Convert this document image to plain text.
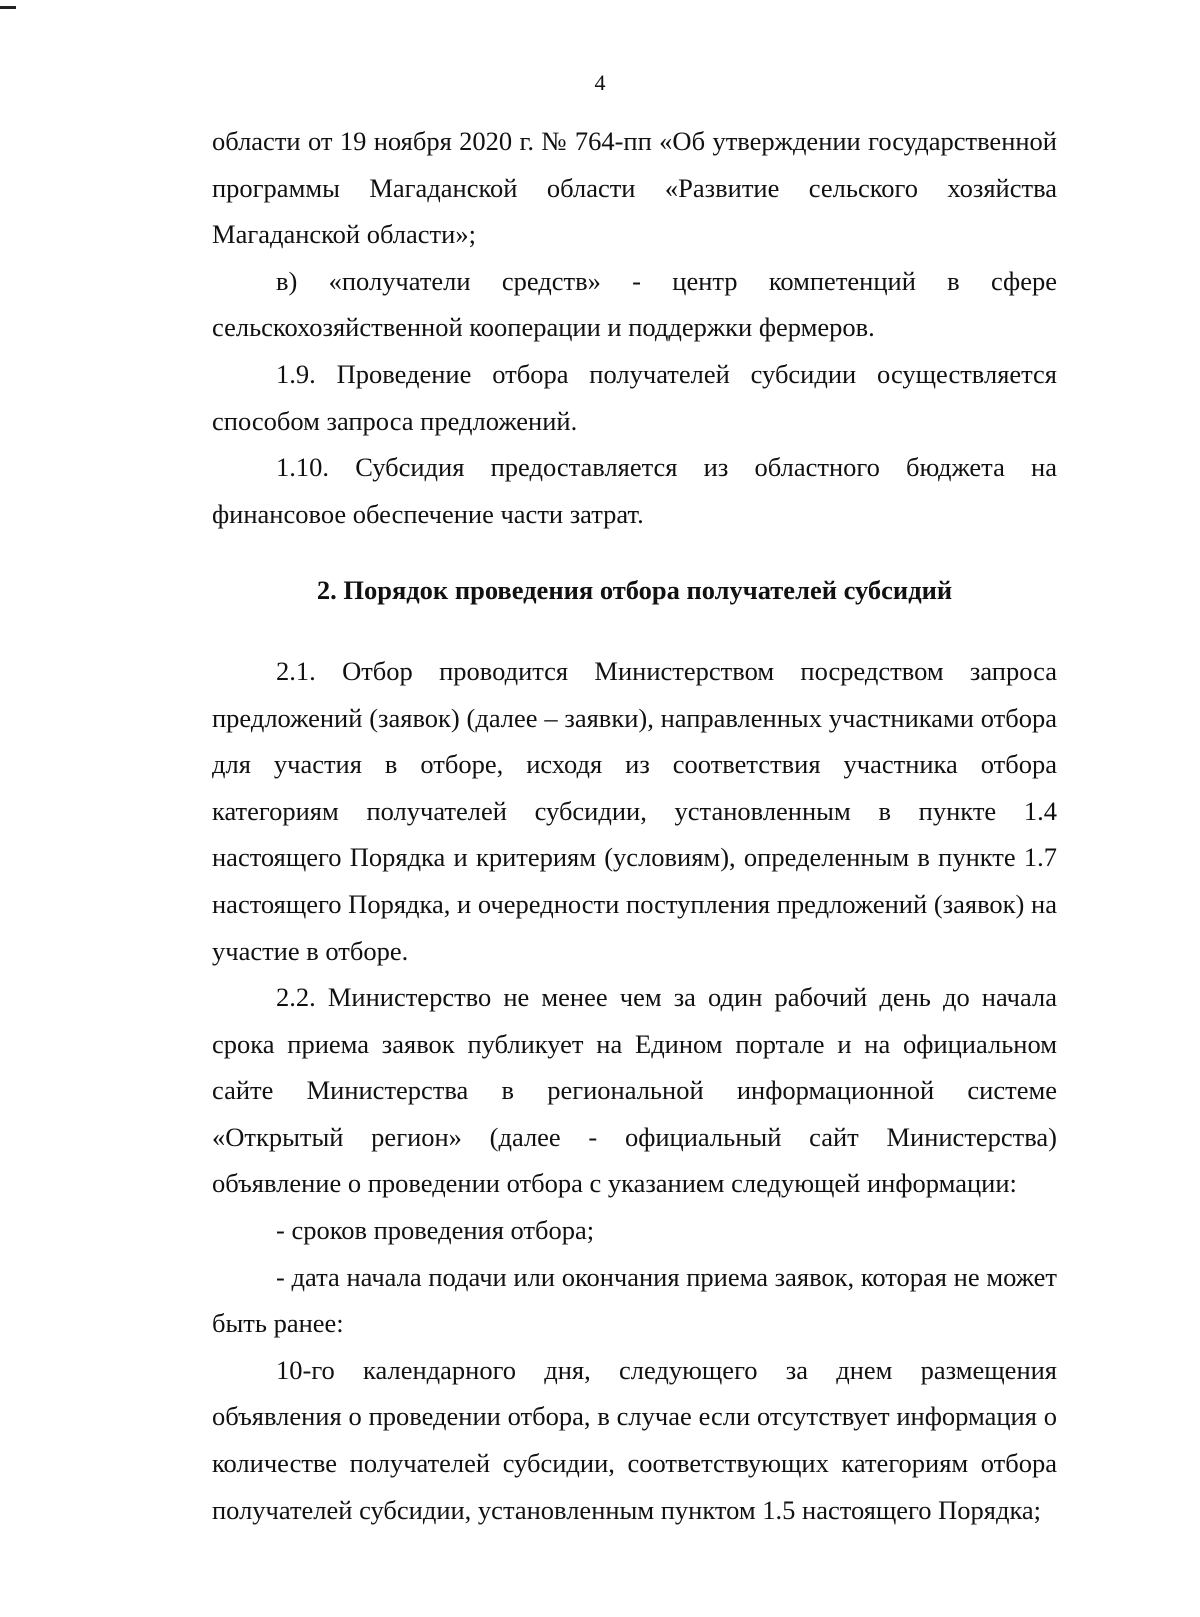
4

области от 19 ноября 2020 г. № 764-пп «Об утверждении государственной программы Магаданской области «Развитие сельского хозяйства Магаданской области»;

в) «получатели средств» - центр компетенций в сфере сельскохозяйственной кооперации и поддержки фермеров.

1.9. Проведение отбора получателей субсидии осуществляется способом запроса предложений.

1.10. Субсидия предоставляется из областного бюджета на финансовое обеспечение части затрат.

2. Порядок проведения отбора получателей субсидий

2.1. Отбор проводится Министерством посредством запроса предложений (заявок) (далее – заявки), направленных участниками отбора для участия в отборе, исходя из соответствия участника отбора категориям получателей субсидии, установленным в пункте 1.4 настоящего Порядка и критериям (условиям), определенным в пункте 1.7 настоящего Порядка, и очередности поступления предложений (заявок) на участие в отборе.

2.2. Министерство не менее чем за один рабочий день до начала срока приема заявок публикует на Едином портале и на официальном сайте Министерства в региональной информационной системе «Открытый регион» (далее - официальный сайт Министерства) объявление о проведении отбора с указанием следующей информации:

- сроков проведения отбора;

- дата начала подачи или окончания приема заявок, которая не может быть ранее:

10-го календарного дня, следующего за днем размещения объявления о проведении отбора, в случае если отсутствует информация о количестве получателей субсидии, соответствующих категориям отбора получателей субсидии, установленным пунктом 1.5 настоящего Порядка;
